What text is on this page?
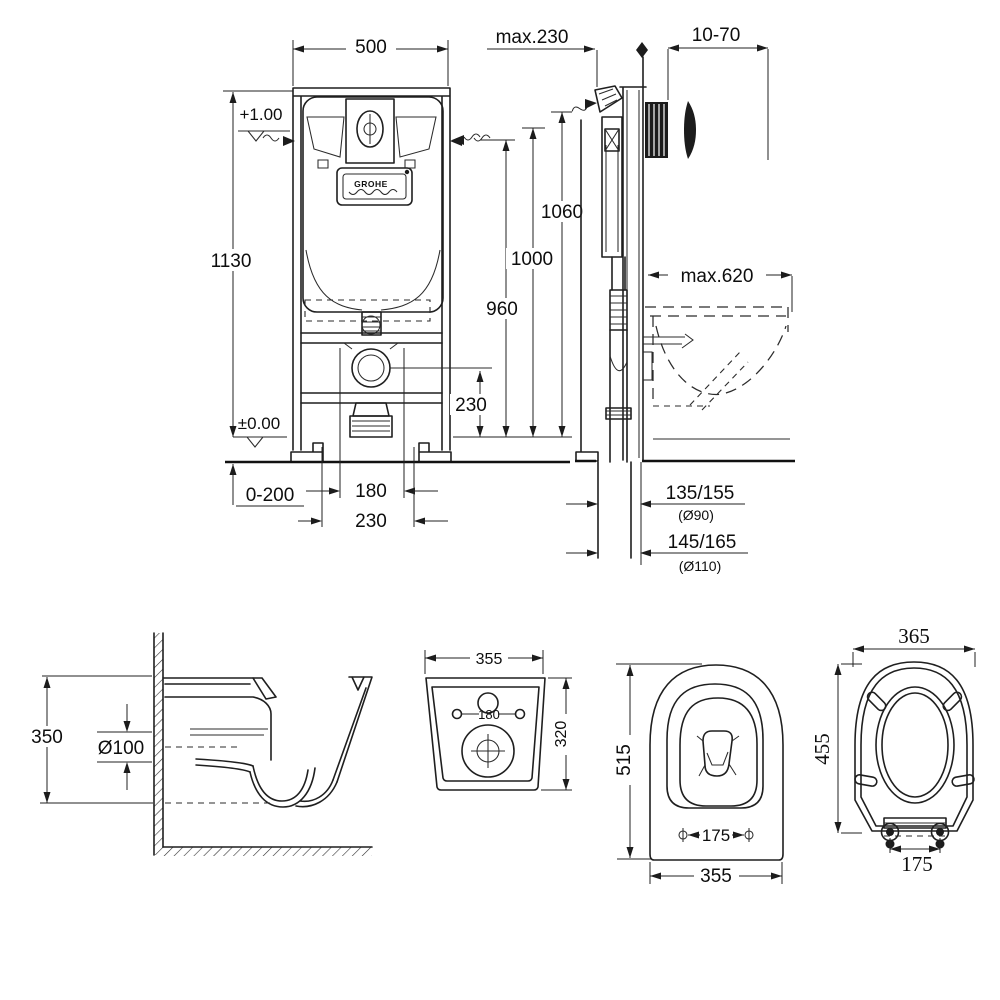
GROHE
500
1130
+1.00
±0.00
0-200	180
230
230
960
1000
1060
max.230	10-70
max.620
135/155
(Ø90)
145/165
(Ø110)
350
Ø100
180
355
320
515
175
355
365
455
175
